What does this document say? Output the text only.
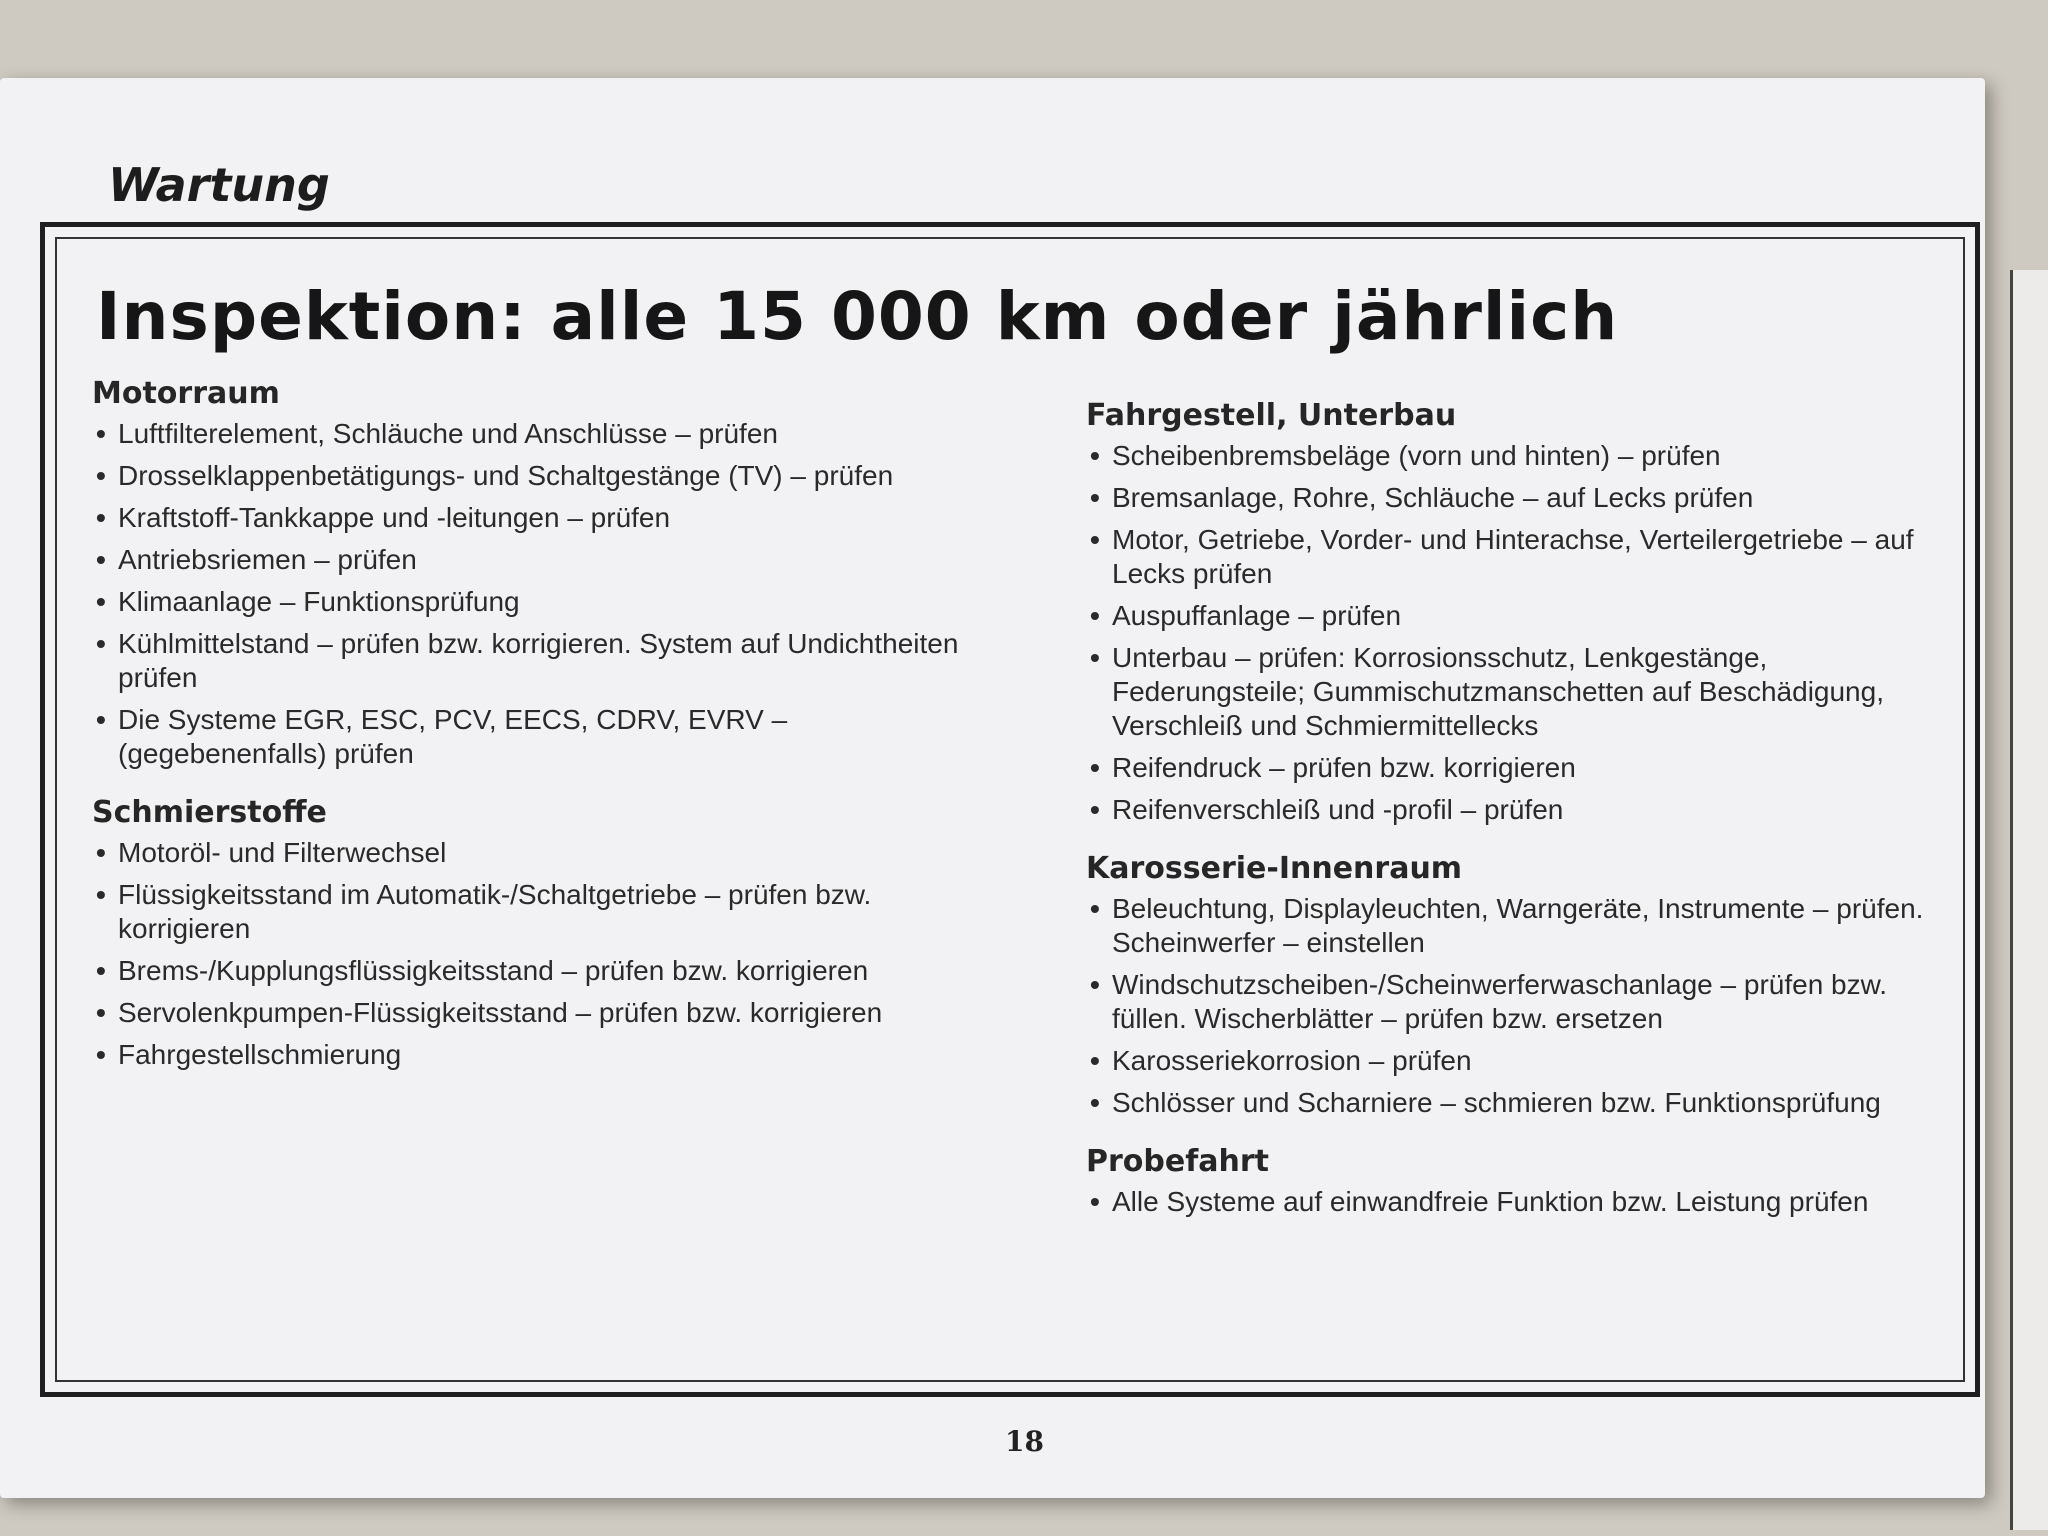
Wartung
Inspektion: alle 15 000 km oder jährlich
Motorraum
• Luftfilterelement, Schläuche und Anschlüsse – prüfen
• Drosselklappenbetätigungs- und Schaltgestänge (TV) – prüfen
• Kraftstoff-Tankkappe und -leitungen – prüfen
• Antriebsriemen – prüfen
• Klimaanlage – Funktionsprüfung
• Kühlmittelstand – prüfen bzw. korrigieren. System auf Undichtheiten prüfen
• Die Systeme EGR, ESC, PCV, EECS, CDRV, EVRV – (gegebenenfalls) prüfen
Schmierstoffe
• Motoröl- und Filterwechsel
• Flüssigkeitsstand im Automatik-/Schaltgetriebe – prüfen bzw. korrigieren
• Brems-/Kupplungsflüssigkeitsstand – prüfen bzw. korrigieren
• Servolenkpumpen-Flüssigkeitsstand – prüfen bzw. korrigieren
• Fahrgestellschmierung
Fahrgestell, Unterbau
• Scheibenbremsbeläge (vorn und hinten) – prüfen
• Bremsanlage, Rohre, Schläuche – auf Lecks prüfen
• Motor, Getriebe, Vorder- und Hinterachse, Verteilergetriebe – auf Lecks prüfen
• Auspuffanlage – prüfen
• Unterbau – prüfen: Korrosionsschutz, Lenkgestänge, Federungsteile; Gummischutzmanschetten auf Beschädigung, Verschleiß und Schmiermittellecks
• Reifendruck – prüfen bzw. korrigieren
• Reifenverschleiß und -profil – prüfen
Karosserie-Innenraum
• Beleuchtung, Displayleuchten, Warngeräte, Instrumente – prüfen. Scheinwerfer – einstellen
• Windschutzscheiben-/Scheinwerferwaschanlage – prüfen bzw. füllen. Wischerblätter – prüfen bzw. ersetzen
• Karosseriekorrosion – prüfen
• Schlösser und Scharniere – schmieren bzw. Funktionsprüfung
Probefahrt
• Alle Systeme auf einwandfreie Funktion bzw. Leistung prüfen
18
